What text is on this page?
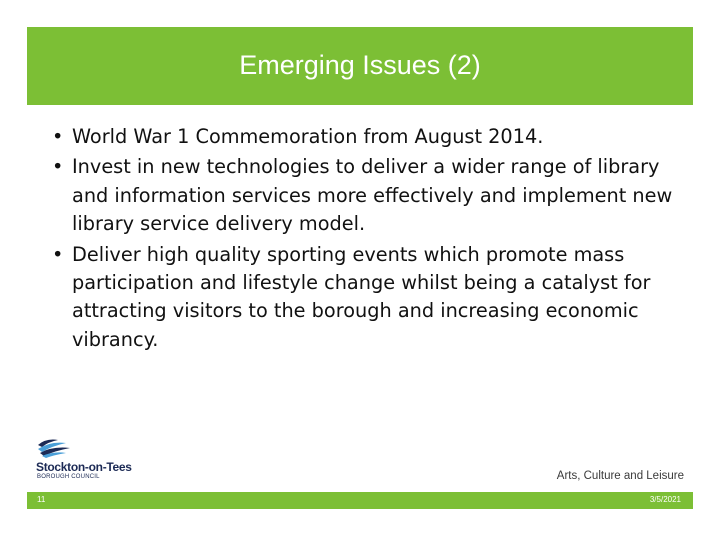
Emerging Issues (2)
• World War 1 Commemoration from August 2014.
• Invest in new technologies to deliver a wider range of library and information services more effectively and implement new library service delivery model.
• Deliver high quality sporting events which promote mass participation and lifestyle change whilst being a catalyst for attracting visitors to the borough and increasing economic vibrancy.
Stockton-on-Tees
BOROUGH COUNCIL	Arts, Culture and Leisure
11	3/5/2021
